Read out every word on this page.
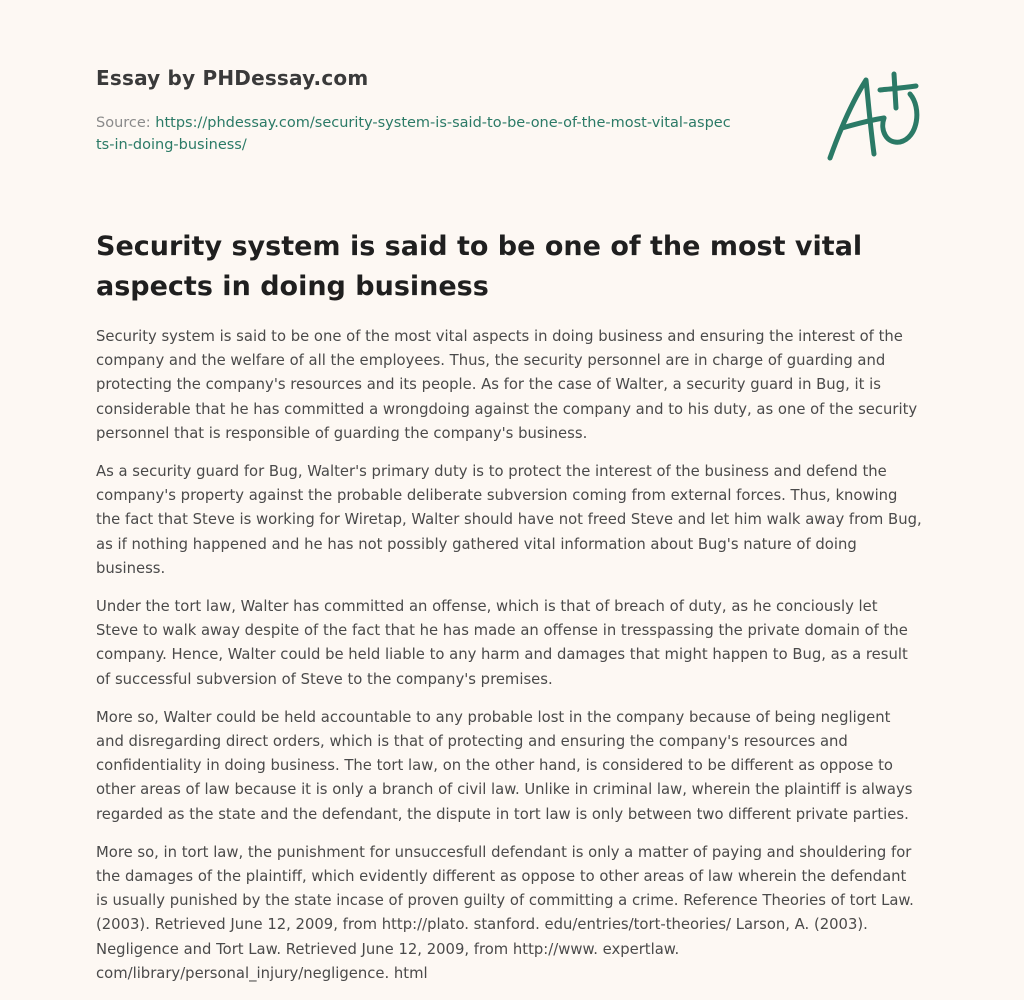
Essay by PHDessay.com
Source: https://phdessay.com/security-system-is-said-to-be-one-of-the-most-vital-aspects-in-doing-business/
Security system is said to be one of the most vital aspects in doing business

Security system is said to be one of the most vital aspects in doing business and ensuring the interest of the company and the welfare of all the employees. Thus, the security personnel are in charge of guarding and protecting the company's resources and its people. As for the case of Walter, a security guard in Bug, it is considerable that he has committed a wrongdoing against the company and to his duty, as one of the security personnel that is responsible of guarding the company's business.

As a security guard for Bug, Walter's primary duty is to protect the interest of the business and defend the company's property against the probable deliberate subversion coming from external forces. Thus, knowing the fact that Steve is working for Wiretap, Walter should have not freed Steve and let him walk away from Bug, as if nothing happened and he has not possibly gathered vital information about Bug's nature of doing business.

Under the tort law, Walter has committed an offense, which is that of breach of duty, as he conciously let Steve to walk away despite of the fact that he has made an offense in tresspassing the private domain of the company. Hence, Walter could be held liable to any harm and damages that might happen to Bug, as a result of successful subversion of Steve to the company's premises.

More so, Walter could be held accountable to any probable lost in the company because of being negligent and disregarding direct orders, which is that of protecting and ensuring the company's resources and confidentiality in doing business. The tort law, on the other hand, is considered to be different as oppose to other areas of law because it is only a branch of civil law. Unlike in criminal law, wherein the plaintiff is always regarded as the state and the defendant, the dispute in tort law is only between two different private parties.

More so, in tort law, the punishment for unsuccesfull defendant is only a matter of paying and shouldering for the damages of the plaintiff, which evidently different as oppose to other areas of law wherein the defendant is usually punished by the state incase of proven guilty of committing a crime. Reference Theories of tort Law. (2003). Retrieved June 12, 2009, from http://plato. stanford. edu/entries/tort-theories/ Larson, A. (2003). Negligence and Tort Law. Retrieved June 12, 2009, from http://www. expertlaw. com/library/personal_injury/negligence. html
